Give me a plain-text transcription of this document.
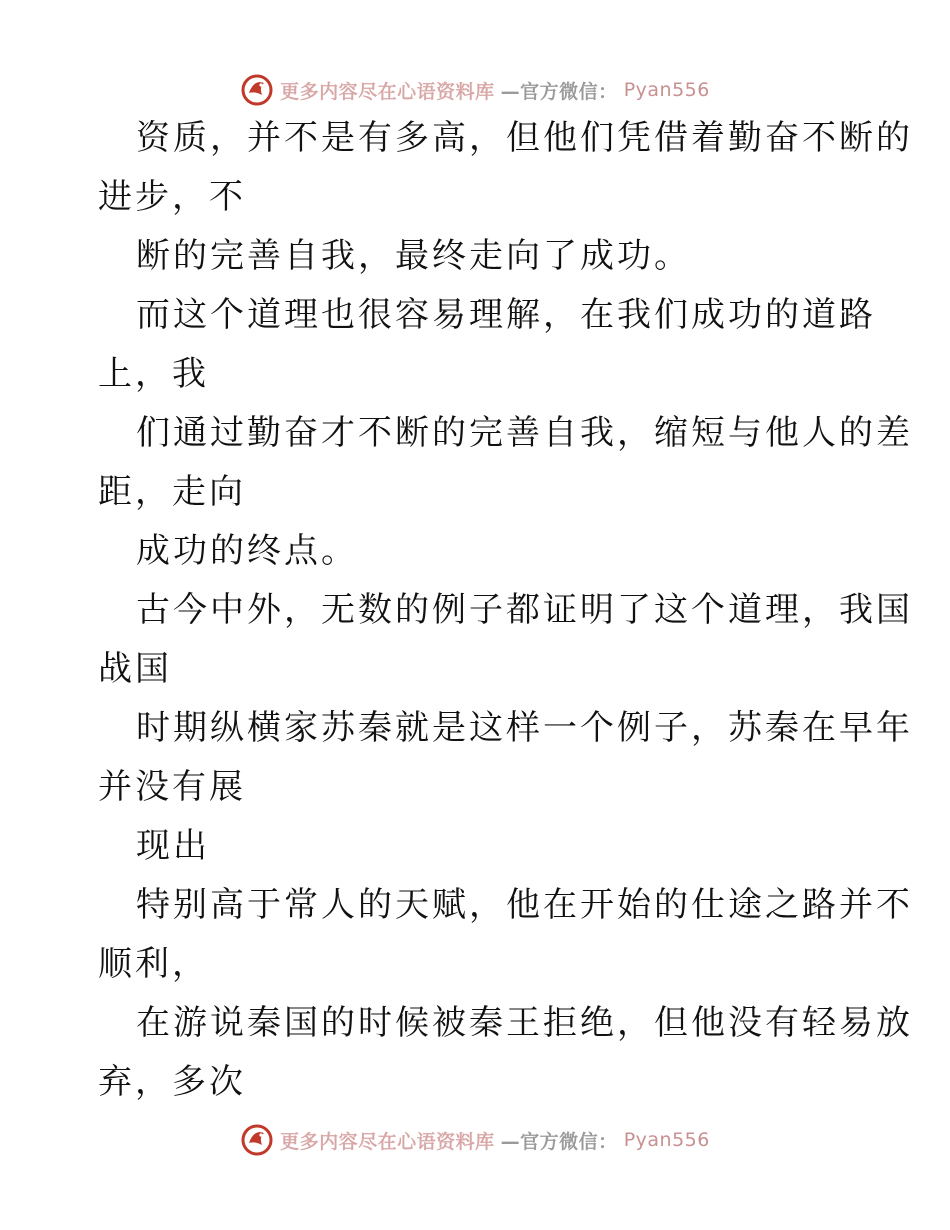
更多内容尽在心语资料库 —官方微信： Pyan556
资质，并不是有多高，但他们凭借着勤奋不断的
进步，不
断的完善自我，最终走向了成功。
而这个道理也很容易理解，在我们成功的道路
上，我
们通过勤奋才不断的完善自我，缩短与他人的差
距，走向
成功的终点。
古今中外，无数的例子都证明了这个道理，我国
战国
时期纵横家苏秦就是这样一个例子，苏秦在早年
并没有展
现出
特别高于常人的天赋，他在开始的仕途之路并不
顺利，
在游说秦国的时候被秦王拒绝，但他没有轻易放
弃，多次
更多内容尽在心语资料库 —官方微信： Pyan556
